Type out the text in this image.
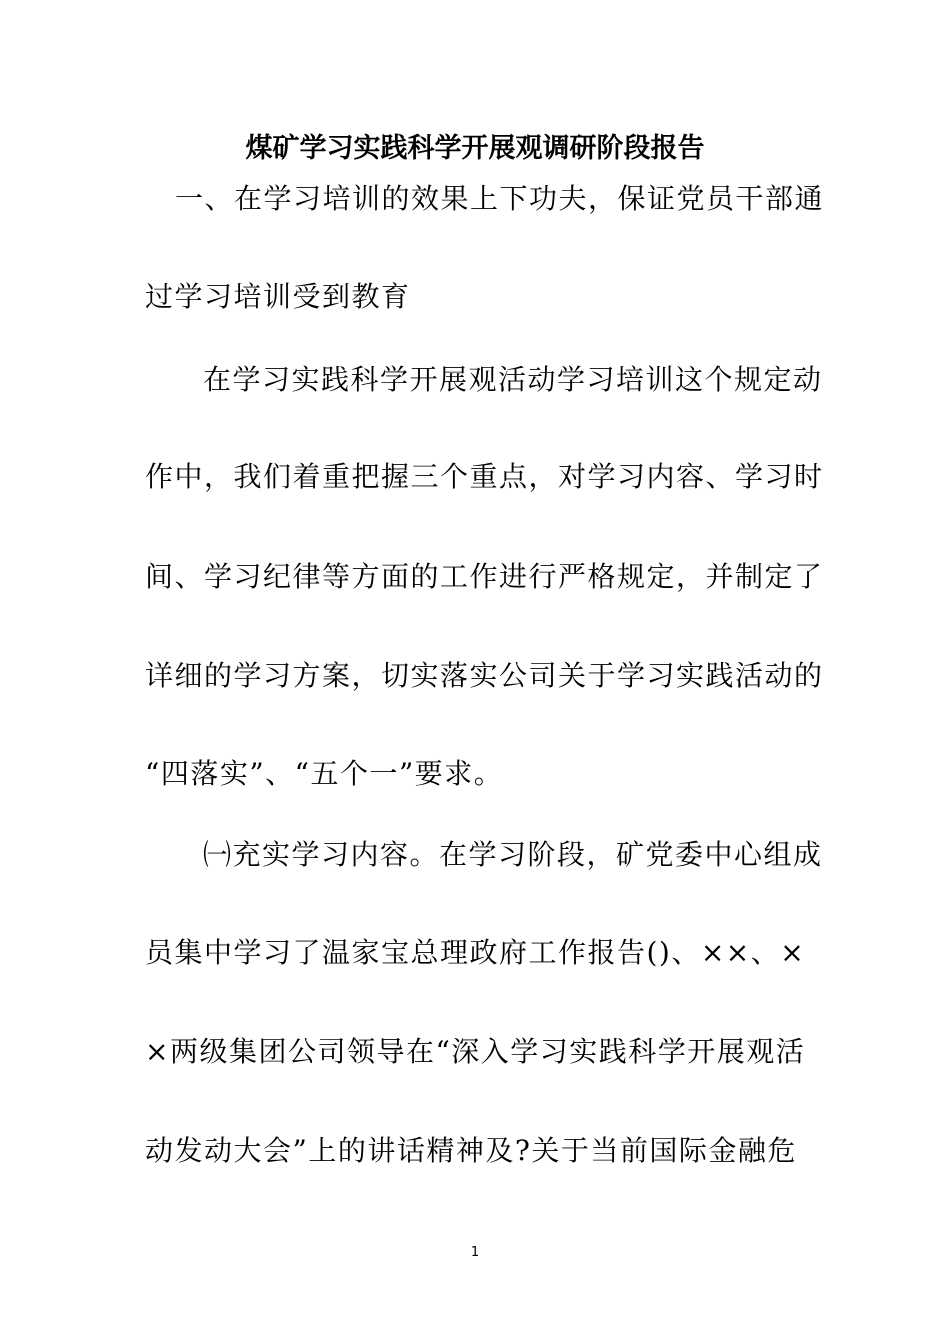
煤矿学习实践科学开展观调研阶段报告
一、在学习培训的效果上下功夫，保证党员干部通
过学习培训受到教育
在学习实践科学开展观活动学习培训这个规定动
作中，我们着重把握三个重点，对学习内容、学习时
间、学习纪律等方面的工作进行严格规定，并制定了
详细的学习方案，切实落实公司关于学习实践活动的
“四落实”、“五个一”要求。
㈠充实学习内容。在学习阶段，矿党委中心组成
员集中学习了温家宝总理政府工作报告()、××、×
×两级集团公司领导在“深入学习实践科学开展观活
动发动大会”上的讲话精神及?关于当前国际金融危
1
